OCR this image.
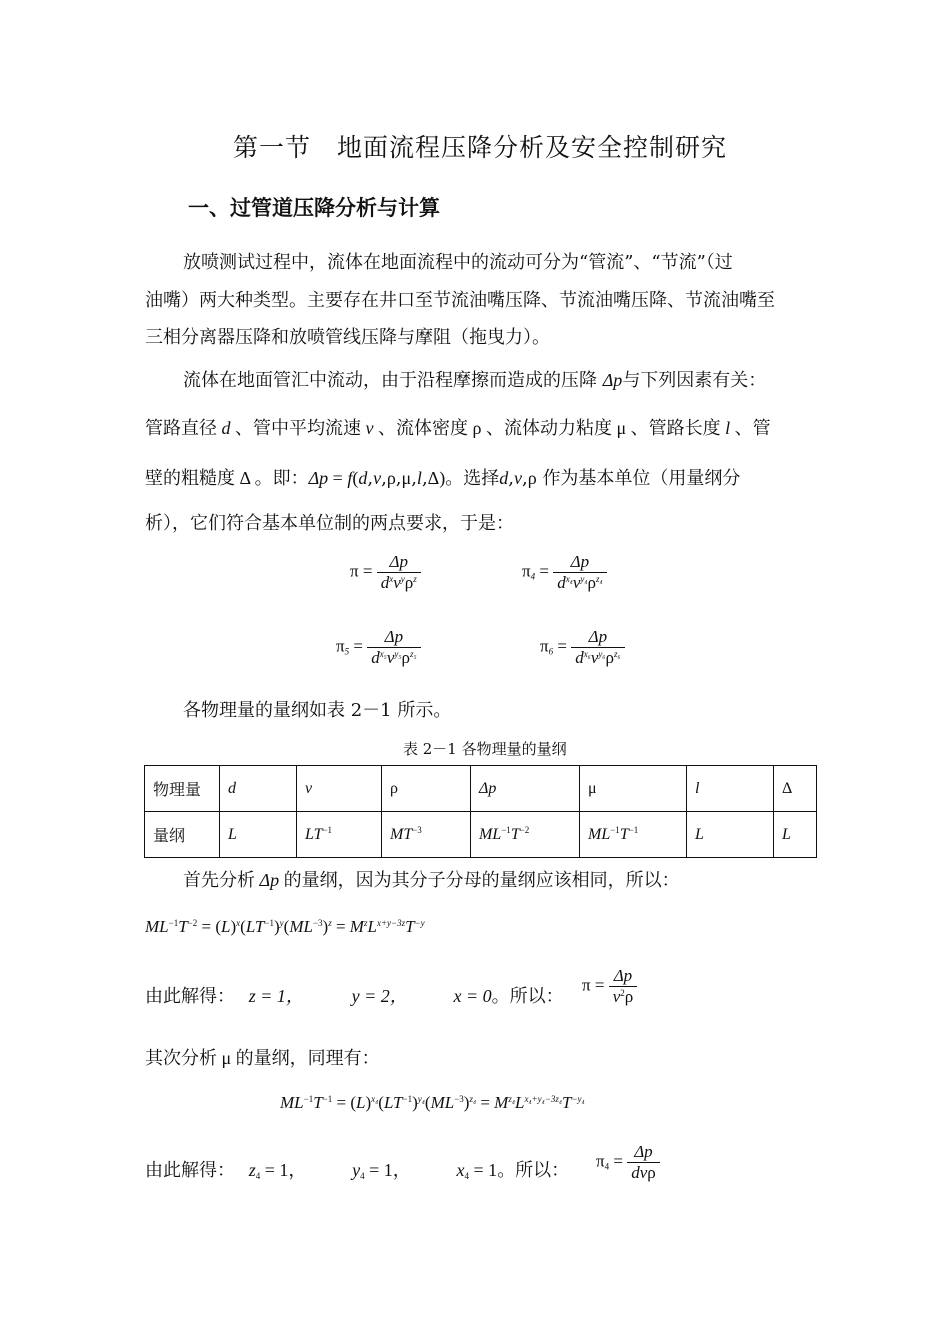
第一节　地面流程压降分析及安全控制研究
一、过管道压降分析与计算
放喷测试过程中，流体在地面流程中的流动可分为“管流”、“节流”（过
油嘴）两大种类型。主要存在井口至节流油嘴压降、节流油嘴压降、节流油嘴至
三相分离器压降和放喷管线压降与摩阻（拖曳力）。
流体在地面管汇中流动，由于沿程摩擦而造成的压降 Δp与下列因素有关：
管路直径 d 、管中平均流速 v 、流体密度 ρ 、流体动力粘度 μ 、管路长度 l 、管
壁的粗糙度 Δ 。即：Δp = f(d,v,ρ,μ,l,Δ)。选择d,v,ρ 作为基本单位（用量纲分
析），它们符合基本单位制的两点要求，于是：
$\pi = \frac{\Delta p}{d^xv^y\rho^z}$	$\pi_4 = \frac{\Delta p}{d^{x_4}v^{y_4}\rho^{z_4}}$
$\pi_5 = \frac{\Delta p}{d^{x_5}v^{y_5}\rho^{z_5}}$	$\pi_6 = \frac{\Delta p}{d^{x_6}v^{y_6}\rho^{z_6}}$
各物理量的量纲如表 2－1 所示。
表 2－1 各物理量的量纲
物理量	d	v	ρ	Δp	μ	l	Δ
量纲	L	$LT^{-1}$	$MT^{-3}$	$ML^{-1}T^{-2}$	$ML^{-1}T^{-1}$	L	L
首先分析 Δp 的量纲，因为其分子分母的量纲应该相同，所以：
$ML^{-1}T^{-2} = (L)^x(LT^{-1})^y(ML^{-3})^z = M^zL^{x+y-3z}T^{-y}$
由此解得： z = 1，	y = 2，	x = 0。所以：
$\pi = \frac{\Delta p}{v^2\rho}$
其次分析 μ 的量纲，同理有：
$ML^{-1}T^{-1} = (L)^{x_4}(LT^{-1})^{y_4}(ML^{-3})^{z_4} = M^{z_4}L^{x_4+y_4-3z_4}T^{-y_4}$
由此解得： $z_4 = 1$，	$y_4 = 1$，	$x_4 = 1$。所以： $\pi_4 = \frac{\Delta p}{\text{dvρ}}$
